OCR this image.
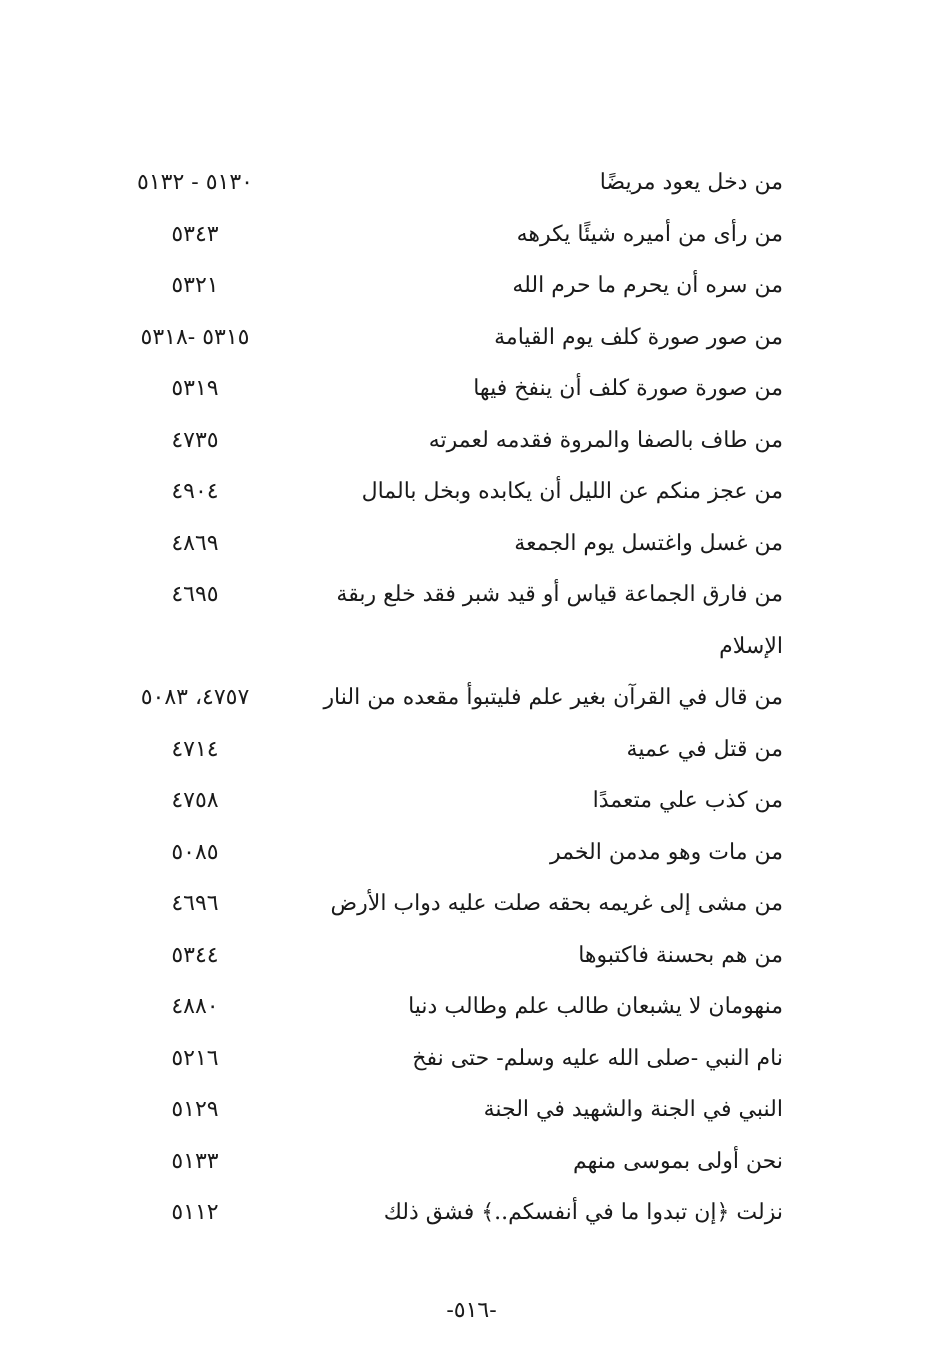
من دخل يعود مريضًا
٥١٣٠ - ٥١٣٢
من رأى من أميره شيئًا يكرهه
٥٣٤٣
من سره أن يحرم ما حرم الله
٥٣٢١
من صور صورة كلف يوم القيامة
٥٣١٥ -٥٣١٨
من صورة صورة كلف أن ينفخ فيها
٥٣١٩
من طاف بالصفا والمروة فقدمه لعمرته
٤٧٣٥
من عجز منكم عن الليل أن يكابده وبخل بالمال
٤٩٠٤
من غسل واغتسل يوم الجمعة
٤٨٦٩
من فارق الجماعة قياس أو قيد شبر فقد خلع ربقة
٤٦٩٥
الإسلام
من قال في القرآن بغير علم فليتبوأ مقعده من النار
٤٧٥٧، ٥٠٨٣
من قتل في عمية
٤٧١٤
من كذب علي متعمدًا
٤٧٥٨
من مات وهو مدمن الخمر
٥٠٨٥
من مشى إلى غريمه بحقه صلت عليه دواب الأرض
٤٦٩٦
من هم بحسنة فاكتبوها
٥٣٤٤
منهومان لا يشبعان طالب علم وطالب دنيا
٤٨٨٠
نام النبي -صلى الله عليه وسلم- حتى نفخ
٥٢١٦
النبي في الجنة والشهيد في الجنة
٥١٢٩
نحن أولى بموسى منهم
٥١٣٣
نزلت ﴿إن تبدوا ما في أنفسكم..﴾ فشق ذلك
٥١١٢
-٥١٦-
